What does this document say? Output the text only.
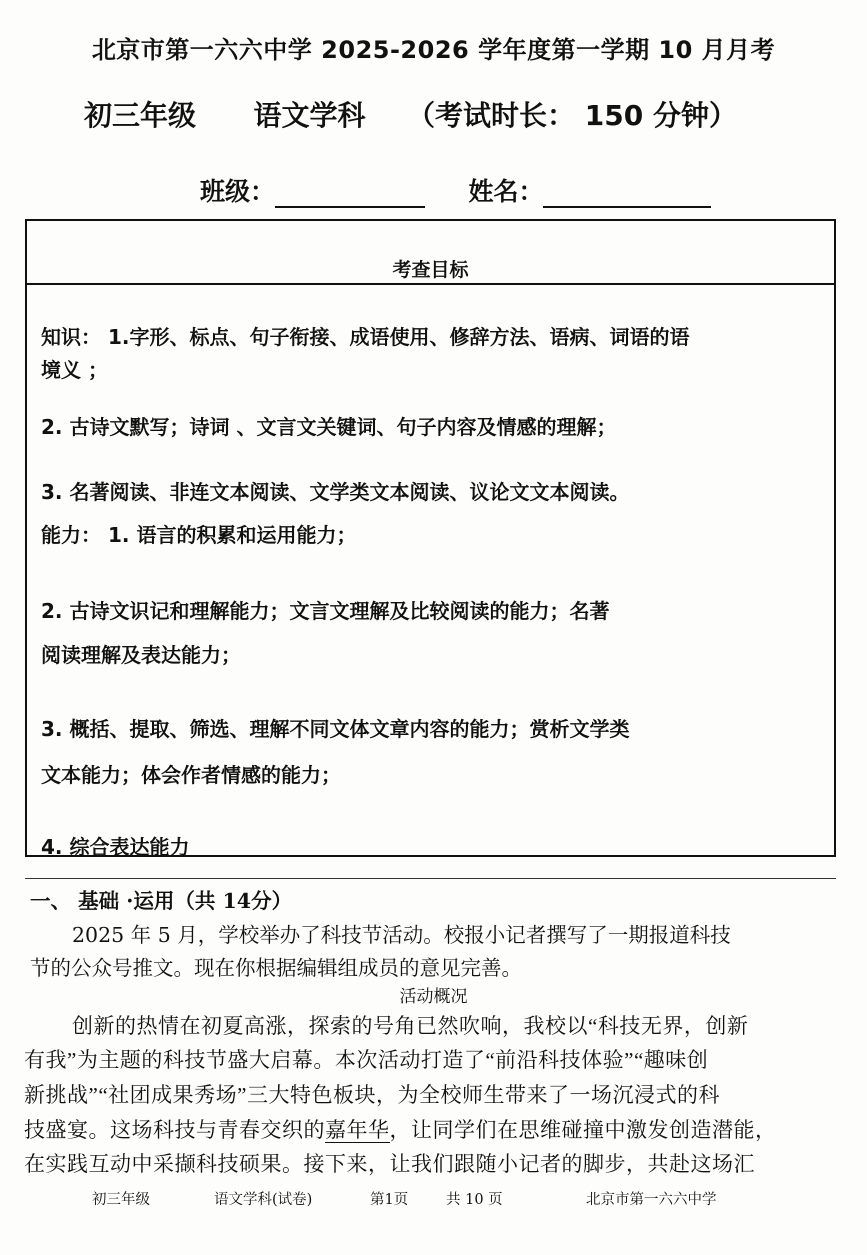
北京市第一六六中学 2025-2026 学年度第一学期 10 月月考
初三年级 语文学科 （考试时长： 150 分钟）
班级：	姓名：
考查目标
知识： 1.字形、标点、句子衔接、成语使用、修辞方法、语病、词语的语
境义 ；
2. 古诗文默写；诗词 、文言文关键词、句子内容及情感的理解；
3. 名著阅读、非连文本阅读、文学类文本阅读、议论文文本阅读。
能力： 1. 语言的积累和运用能力；
2. 古诗文识记和理解能力；文言文理解及比较阅读的能力；名著
阅读理解及表达能力；
3. 概括、提取、筛选、理解不同文体文章内容的能力；赏析文学类
文本能力；体会作者情感的能力；
4. 综合表达能力
一、 基础 ·运用（共 14分）
2025 年 5 月，学校举办了科技节活动。校报小记者撰写了一期报道科技
节的公众号推文。现在你根据编辑组成员的意见完善。
活动概况
创新的热情在初夏高涨，探索的号角已然吹响，我校以“科技无界，创新
有我”为主题的科技节盛大启幕。本次活动打造了“前沿科技体验”“趣味创
新挑战”“社团成果秀场”三大特色板块，为全校师生带来了一场沉浸式的科
技盛宴。这场科技与青春交织的嘉年华，让同学们在思维碰撞中激发创造潜能，
在实践互动中采撷科技硕果。接下来，让我们跟随小记者的脚步，共赴这场汇
初三年级	语文学科(试卷)	第1页	共 10 页	北京市第一六六中学
